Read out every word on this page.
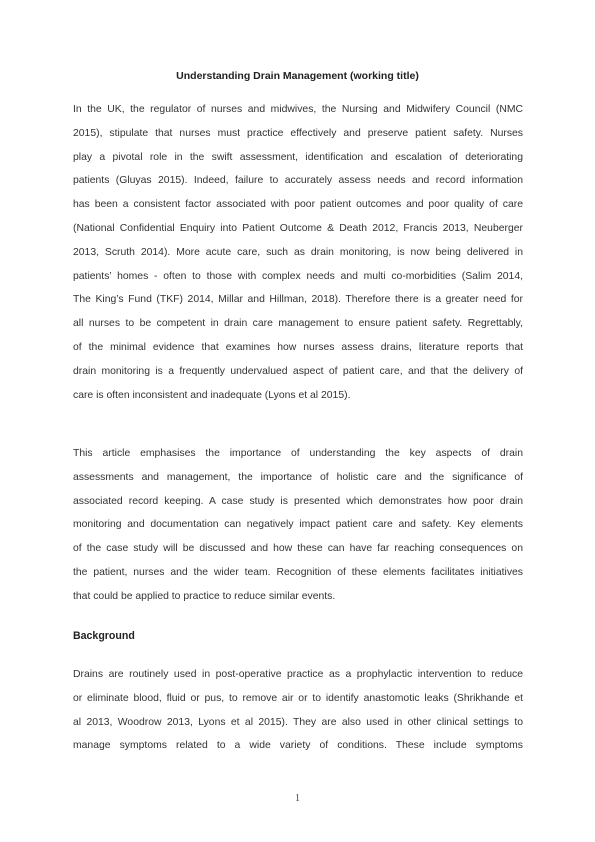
Understanding Drain Management (working title)

In the UK, the regulator of nurses and midwives, the Nursing and Midwifery Council (NMC
2015), stipulate that nurses must practice effectively and preserve patient safety. Nurses
play a pivotal role in the swift assessment, identification and escalation of deteriorating
patients (Gluyas 2015). Indeed, failure to accurately assess needs and record information
has been a consistent factor associated with poor patient outcomes and poor quality of care
(National Confidential Enquiry into Patient Outcome & Death 2012, Francis 2013, Neuberger
2013, Scruth 2014). More acute care, such as drain monitoring, is now being delivered in
patients’ homes - often to those with complex needs and multi co-morbidities (Salim 2014,
The King’s Fund (TKF) 2014, Millar and Hillman, 2018). Therefore there is a greater need for
all nurses to be competent in drain care management to ensure patient safety. Regrettably,
of the minimal evidence that examines how nurses assess drains, literature reports that
drain monitoring is a frequently undervalued aspect of patient care, and that the delivery of
care is often inconsistent and inadequate (Lyons et al 2015).

This article emphasises the importance of understanding the key aspects of drain
assessments and management, the importance of holistic care and the significance of
associated record keeping. A case study is presented which demonstrates how poor drain
monitoring and documentation can negatively impact patient care and safety. Key elements
of the case study will be discussed and how these can have far reaching consequences on
the patient, nurses and the wider team. Recognition of these elements facilitates initiatives
that could be applied to practice to reduce similar events.

Background

Drains are routinely used in post-operative practice as a prophylactic intervention to reduce
or eliminate blood, fluid or pus, to remove air or to identify anastomotic leaks (Shrikhande et
al 2013, Woodrow 2013, Lyons et al 2015). They are also used in other clinical settings to
manage symptoms related to a wide variety of conditions. These include symptoms

1
